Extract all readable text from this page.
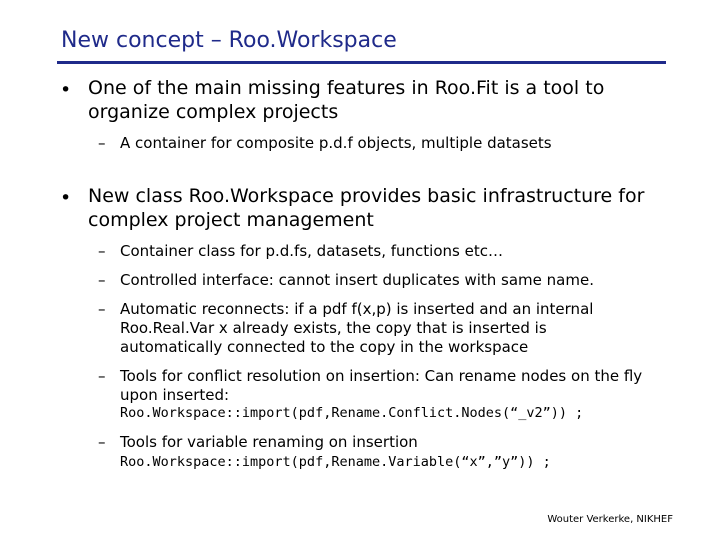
New concept – Roo.Workspace
• One of the main missing features in Roo.Fit is a tool to organize complex projects

– A container for composite p.d.f objects, multiple datasets

• New class Roo.Workspace provides basic infrastructure for complex project management

– Container class for p.d.fs, datasets, functions etc…

– Controlled interface: cannot insert duplicates with same name.

– Automatic reconnects: if a pdf f(x,p) is inserted and an internal Roo.Real.Var x already exists, the copy that is inserted is automatically connected to the copy in the workspace

– Tools for conflict resolution on insertion: Can rename nodes on the fly upon inserted:

Roo.Workspace::import(pdf,Rename.Conflict.Nodes(“_v2”)) ;
– Tools for variable renaming on insertion

Roo.Workspace::import(pdf,Rename.Variable(“x”,”y”)) ;
Wouter Verkerke, NIKHEF
